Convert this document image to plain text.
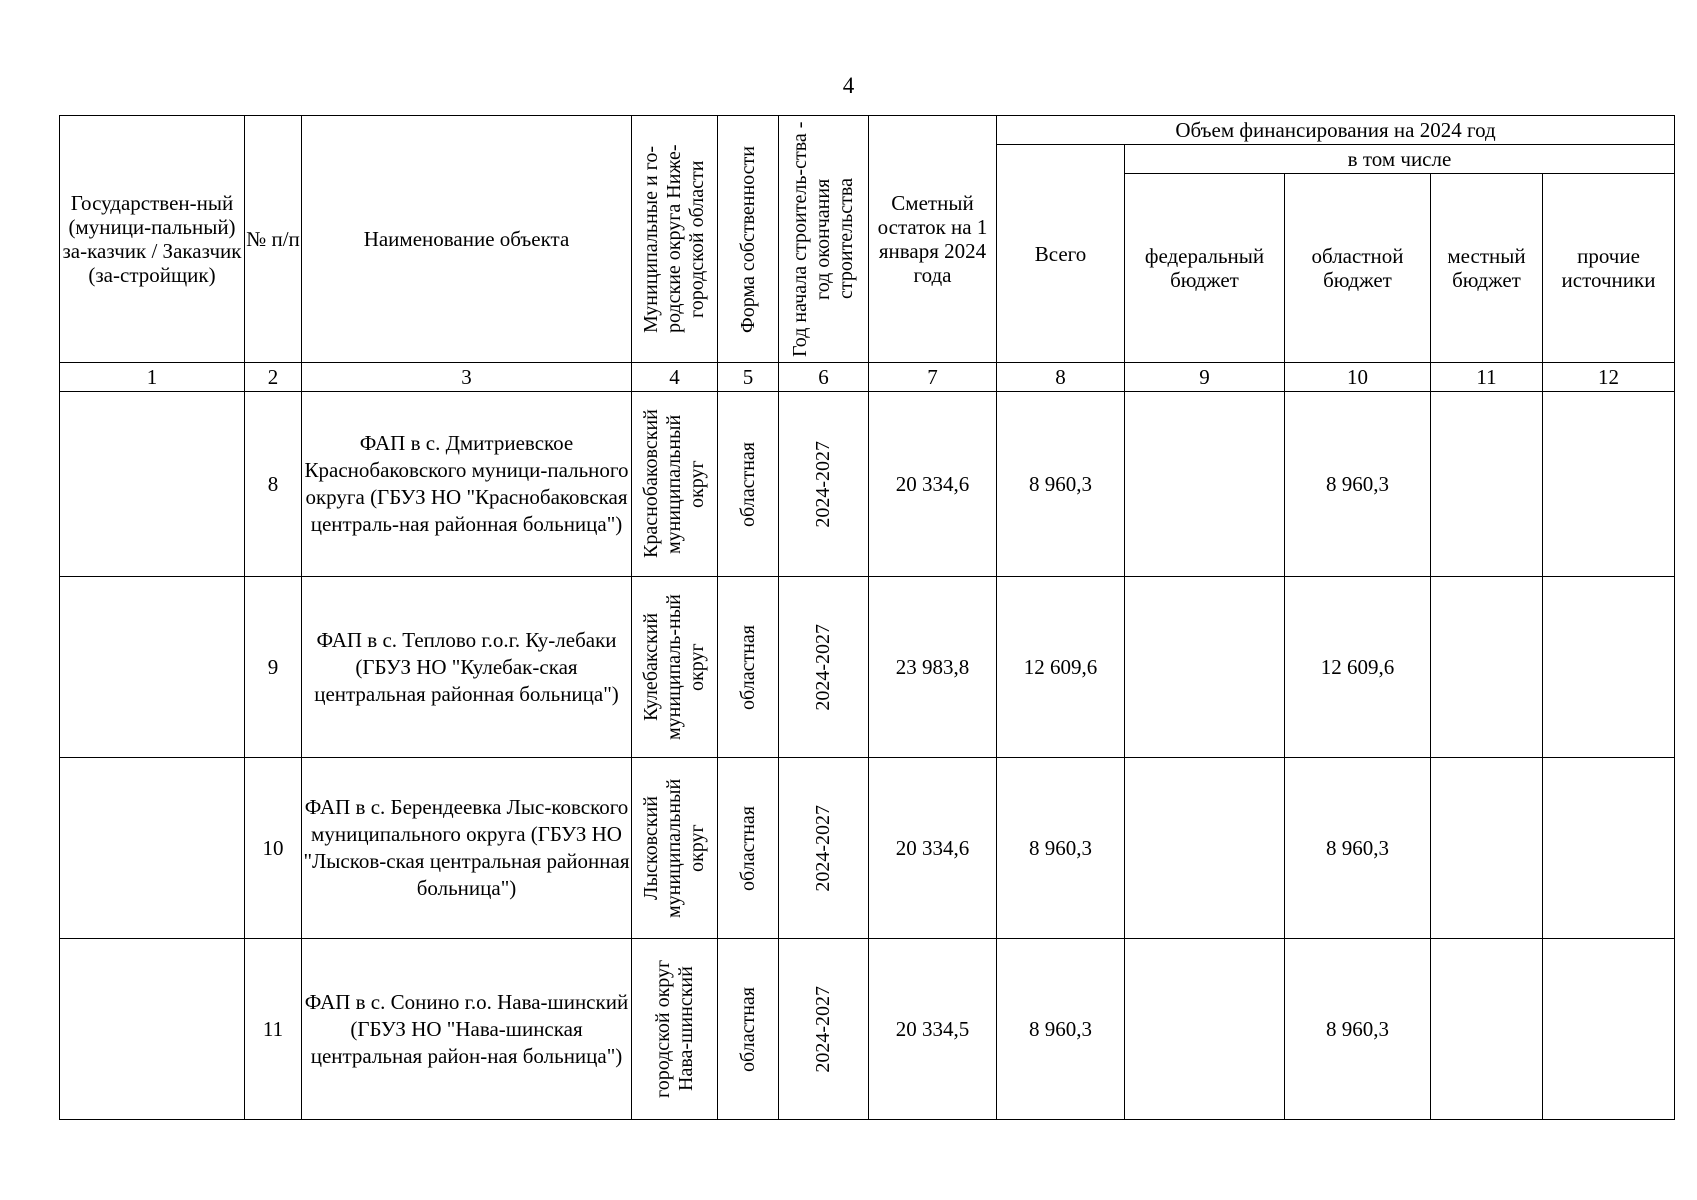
4
Государствен-ный (муници-пальный) за-казчик / Заказчик (за-стройщик)	№ п/п	Наименование объекта	Муниципальные и го-родские округа Ниже-городской области	Форма собственности	Год начала строитель-ства - год окончания строительства	Сметный остаток на 1 января 2024 года	Объем финансирования на 2024 год				
							Всего	в том числе			
								федеральный бюджет	областной бюджет	местный бюджет	прочие источники
1	2	3	4	5	6	7	8	9	10	11	12
	8	ФАП в с. Дмитриевское Краснобаковского муници-пального округа (ГБУЗ НО "Краснобаковская централь-ная районная больница")	Краснобаковский муниципальный округ	областная	2024-2027	20 334,6	8 960,3		8 960,3		
	9	ФАП в с. Теплово г.о.г. Ку-лебаки (ГБУЗ НО "Кулебак-ская центральная районная больница")	Кулебакский муниципаль-ный округ	областная	2024-2027	23 983,8	12 609,6		12 609,6		
	10	ФАП в с. Берендеевка Лыс-ковского муниципального округа (ГБУЗ НО "Лысков-ская центральная районная больница")	Лысковский муниципальный округ	областная	2024-2027	20 334,6	8 960,3		8 960,3		
	11	ФАП в с. Сонино г.о. Нава-шинский (ГБУЗ НО "Нава-шинская центральная район-ная больница")	городской округ Нава-шинский	областная	2024-2027	20 334,5	8 960,3		8 960,3		
